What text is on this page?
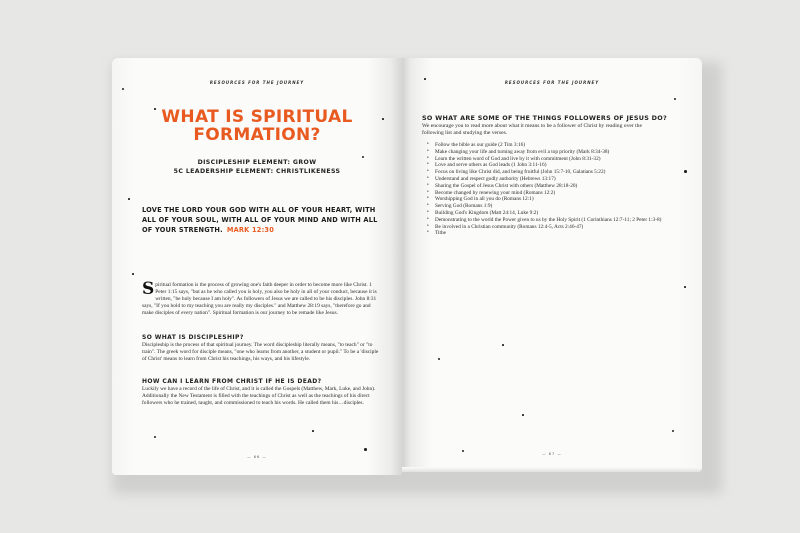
RESOURCES FOR THE JOURNEY
WHAT IS SPIRITUAL
FORMATION?
DISCIPLESHIP ELEMENT: GROW
5C LEADERSHIP ELEMENT: CHRISTLIKENESS
LOVE THE LORD YOUR GOD WITH ALL OF YOUR HEART, WITH ALL OF YOUR SOUL, WITH ALL OF YOUR MIND AND WITH ALL OF YOUR STRENGTH. MARK 12:30
Spiritual formation is the process of growing one's faith deeper in order to become more like Christ. 1 Peter 1:15 says, "but as he who called you is holy, you also be holy in all of your conduct, because it is written, "be holy because I am holy". As followers of Jesus we are called to be his disciples. John 8:31 says, "If you hold to my teaching you are really my disciples." and Matthew 28:19 says, "therefore go and make disciples of every nation". Spiritual formation is our journey to be remade like Jesus.
SO WHAT IS DISCIPLESHIP?
Discipleship is the process of that spiritual journey. The word discipleship literally means, "to teach" or "to train". The greek word for disciple means, "one who learns from another, a student or pupil." To be a 'disciple of Christ' means to learn from Christ his teachings, his ways, and his lifestyle.
HOW CAN I LEARN FROM CHRIST IF HE IS DEAD?
Luckily we have a record of the life of Christ, and it is called the Gospels (Matthew, Mark, Luke, and John). Additionally the New Testament is filled with the teachings of Christ as well as the teachings of his direct followers who he trained, taught, and commissioned to teach his words. He called them his…disciples.
— 66 —
RESOURCES FOR THE JOURNEY
SO WHAT ARE SOME OF THE THINGS FOLLOWERS OF JESUS DO?
We encourage you to read more about what it means to be a follower of Christ by reading over the following list and studying the verses.
• Follow the bible as our guide (2 Tim 3:16)
• Make changing your life and turning away from evil a top priority (Mark 8:34-38)
• Learn the written word of God and live by it with commitment (John 8:31-32)
• Love and serve others as God leads (1 John 3:11-16)
• Focus on living like Christ did, and being fruitful (John 15:7-10, Galatians 5:22)
• Understand and respect godly authority (Hebrews 13:17)
• Sharing the Gospel of Jesus Christ with others (Matthew 28:18-20)
• Become changed by renewing your mind (Romans 12:2)
• Worshipping God in all you do (Romans 12:1)
• Serving God (Romans 1:9)
• Building God's Kingdom (Matt 24:14, Luke 9:2)
• Demonstrating to the world the Power given to us by the Holy Spirit (1 Corinthians 12:7-11; 2 Peter 1:3-8)
• Be involved in a Christian community (Romans 12:4-5, Acts 2:46-47)
• Tithe
— 67 —
